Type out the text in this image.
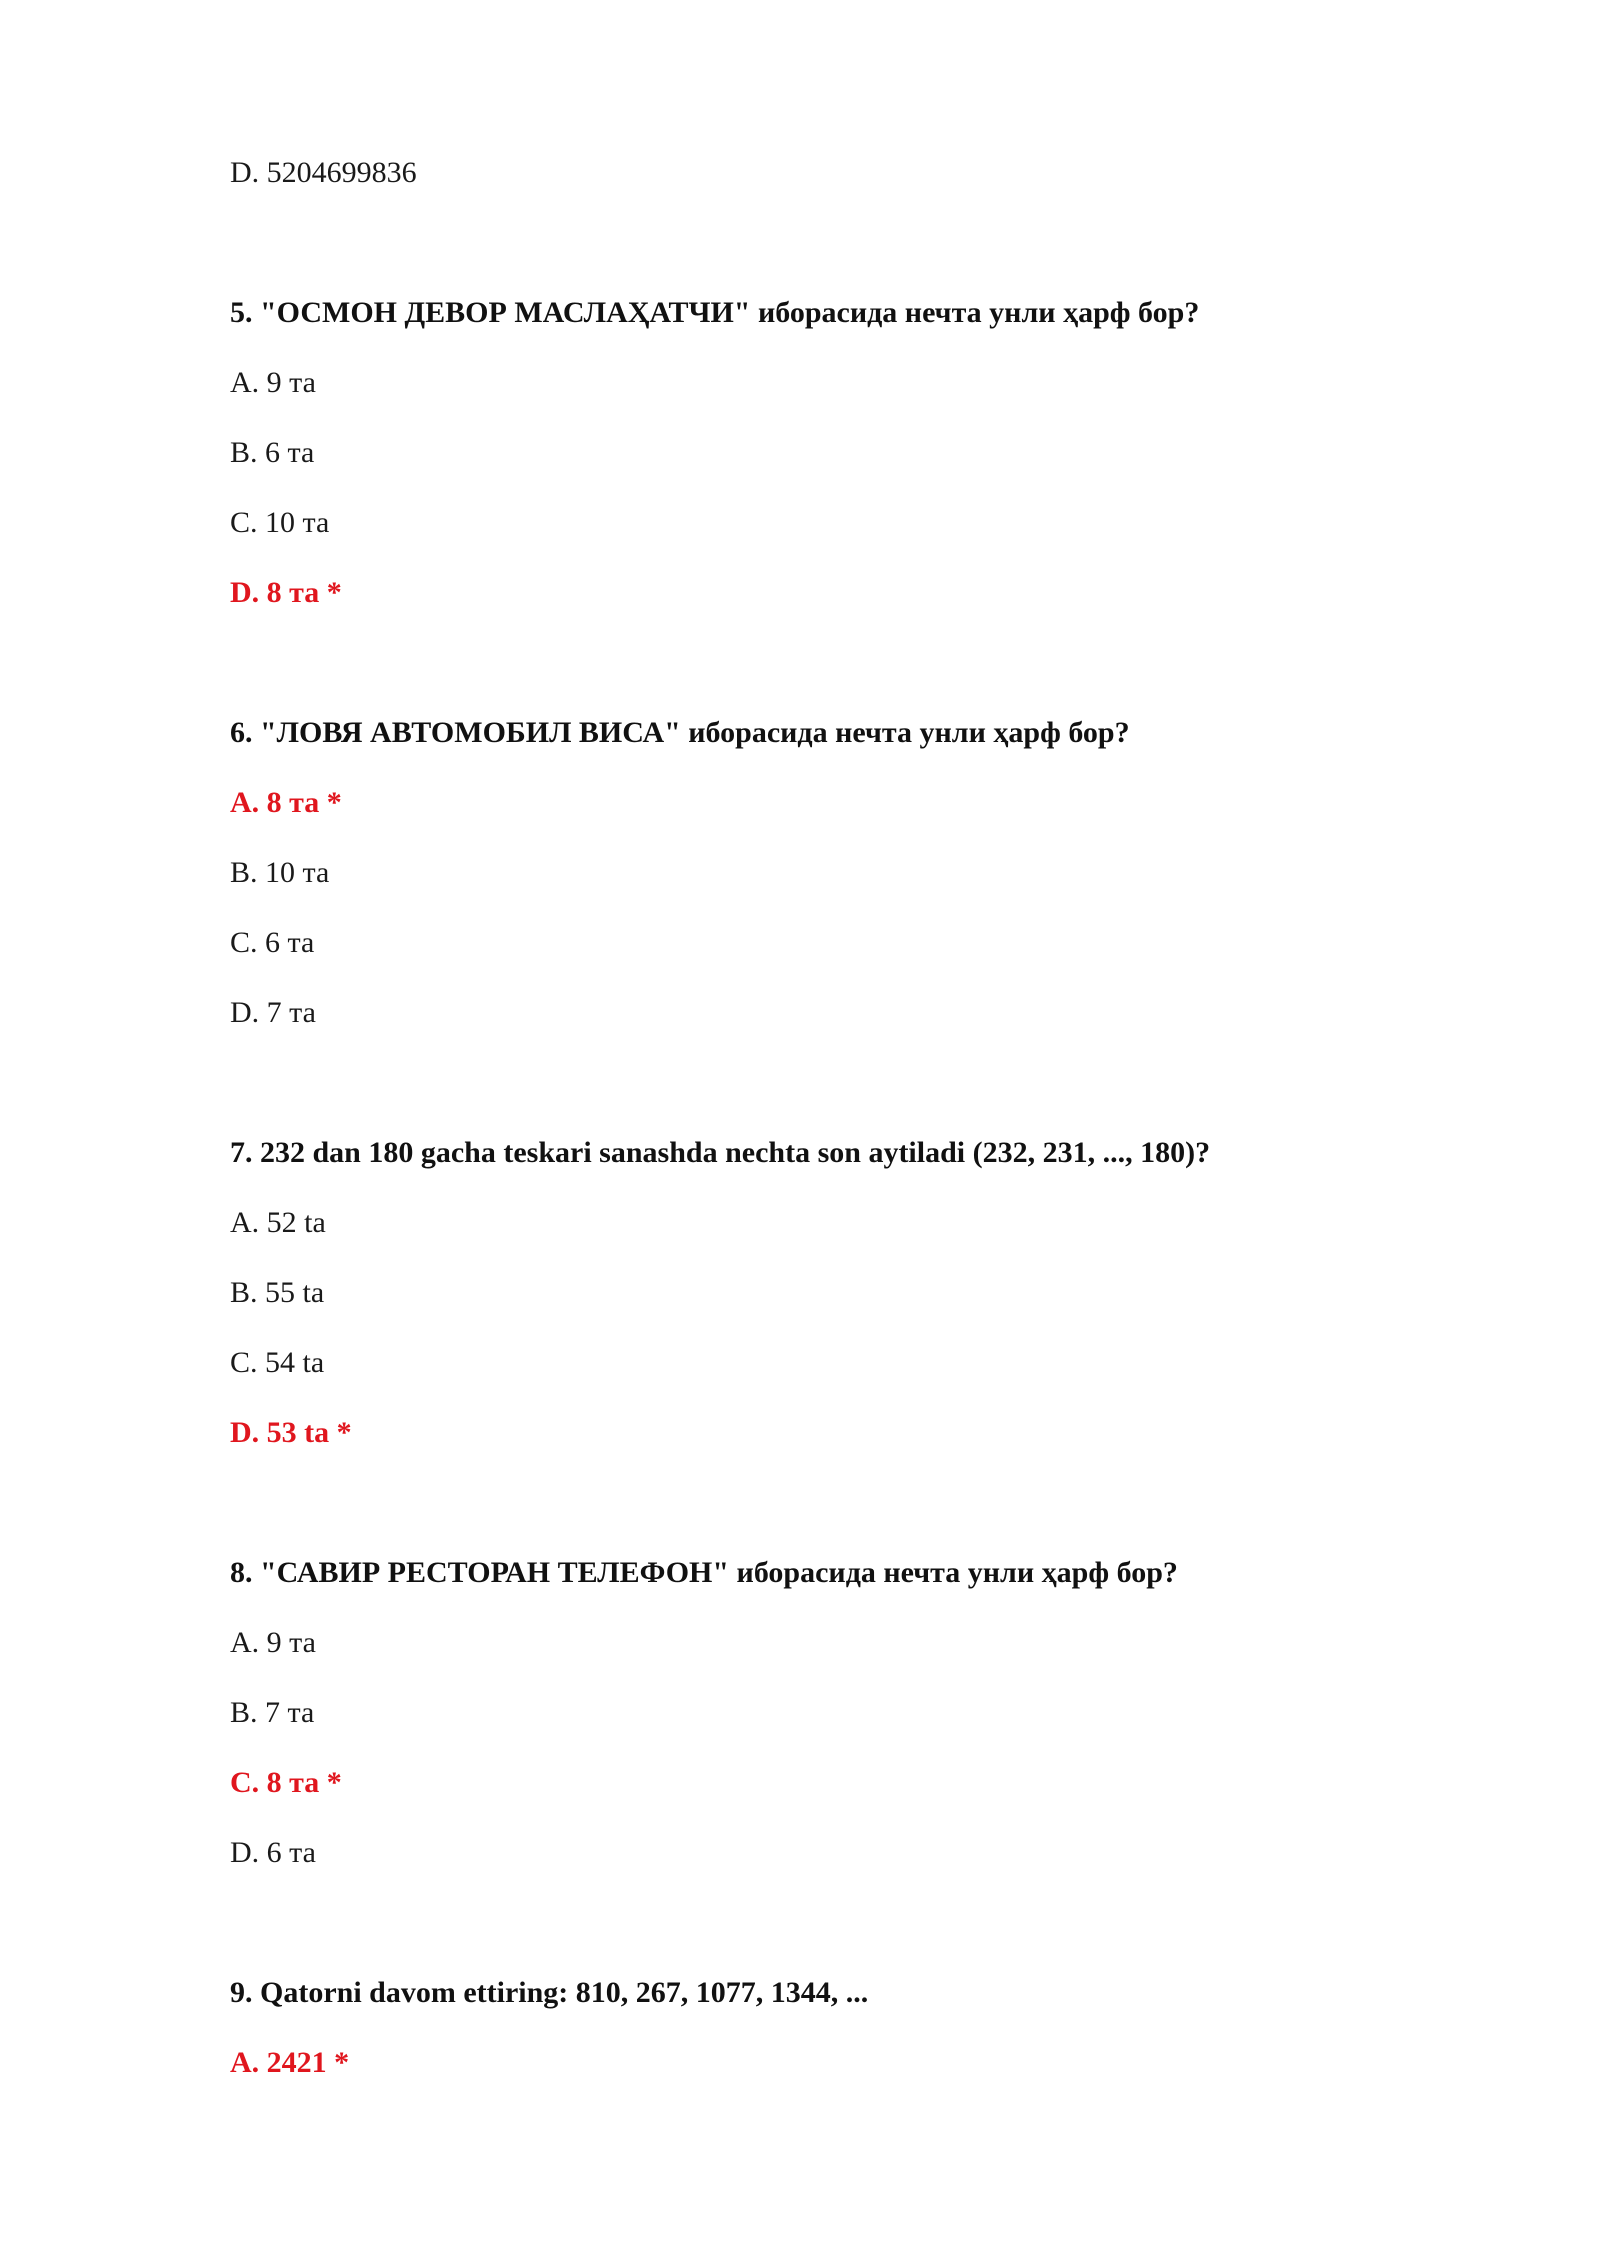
D. 5204699836
5. "ОСМОН ДЕВОР МАСЛАҲАТЧИ" иборасида нечта унли ҳарф бор?
A. 9 та
B. 6 та
C. 10 та
D. 8 та *
6. "ЛОВЯ АВТОМОБИЛ ВИСА" иборасида нечта унли ҳарф бор?
A. 8 та *
B. 10 та
C. 6 та
D. 7 та
7. 232 dan 180 gacha teskari sanashda nechta son aytiladi (232, 231, ..., 180)?
A. 52 ta
B. 55 ta
C. 54 ta
D. 53 ta *
8. "САВИР РЕСТОРАН ТЕЛЕФОН" иборасида нечта унли ҳарф бор?
A. 9 та
B. 7 та
C. 8 та *
D. 6 та
9. Qatorni davom ettiring: 810, 267, 1077, 1344, ...
A. 2421 *
